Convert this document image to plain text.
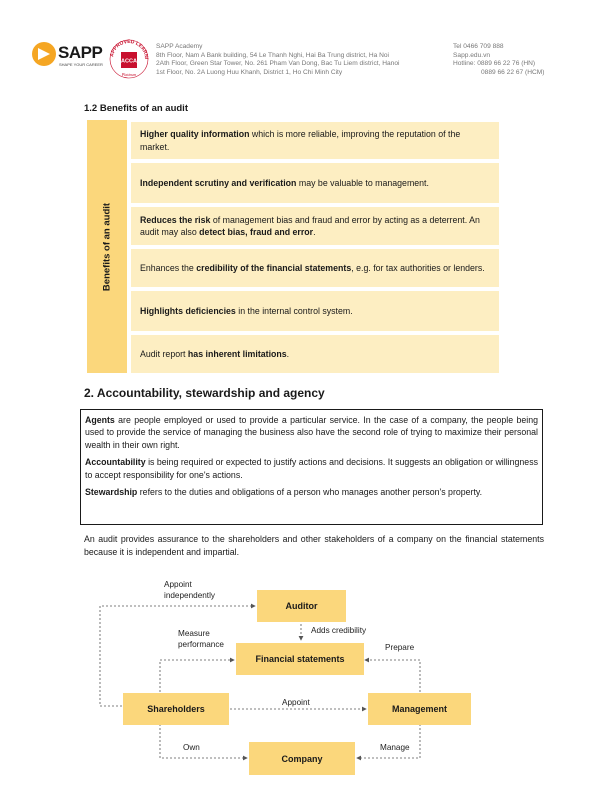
SAPP
SHAPE YOUR CAREER
APPROVED LEARNI
ACCA
Platinum
SAPP Academy
8th Floor, Nam A Bank building, 54 Le Thanh Nghi, Hai Ba Trung district, Ha Noi
2Ath Floor, Green Star Tower, No. 261 Pham Van Dong, Bac Tu Liem district, Hanoi
1st Floor, No. 2A Luong Huu Khanh, District 1, Ho Chi Minh City
Tel 0466 709 888
Sapp.edu.vn
Hotline: 0889 66 22 76 (HN)
0889 66 22 67 (HCM)
1.2 Benefits of an audit
Benefits of an audit
Higher quality information which is more reliable, improving the reputation of the market.
Independent scrutiny and verification may be valuable to management.
Reduces the risk of management bias and fraud and error by acting as a deterrent. An audit may also detect bias, fraud and error.
Enhances the credibility of the financial statements, e.g. for tax authorities or lenders.
Highlights deficiencies in the internal control system.
Audit report has inherent limitations.
2. Accountability, stewardship and agency

Agents are people employed or used to provide a particular service. In the case of a company, the people being used to provide the service of managing the business also have the second role of trying to maximize their personal wealth in their own right.

Accountability is being required or expected to justify actions and decisions. It suggests an obligation or willingness to accept responsibility for one's actions.

Stewardship refers to the duties and obligations of a person who manages another person's property.

An audit provides assurance to the shareholders and other stakeholders of a company on the financial statements because it is independent and impartial.

Auditor
Financial statements
Shareholders	Management
Company
Appoint independently
Adds credibility
Measure performance	Prepare
Appoint
Own	Manage
